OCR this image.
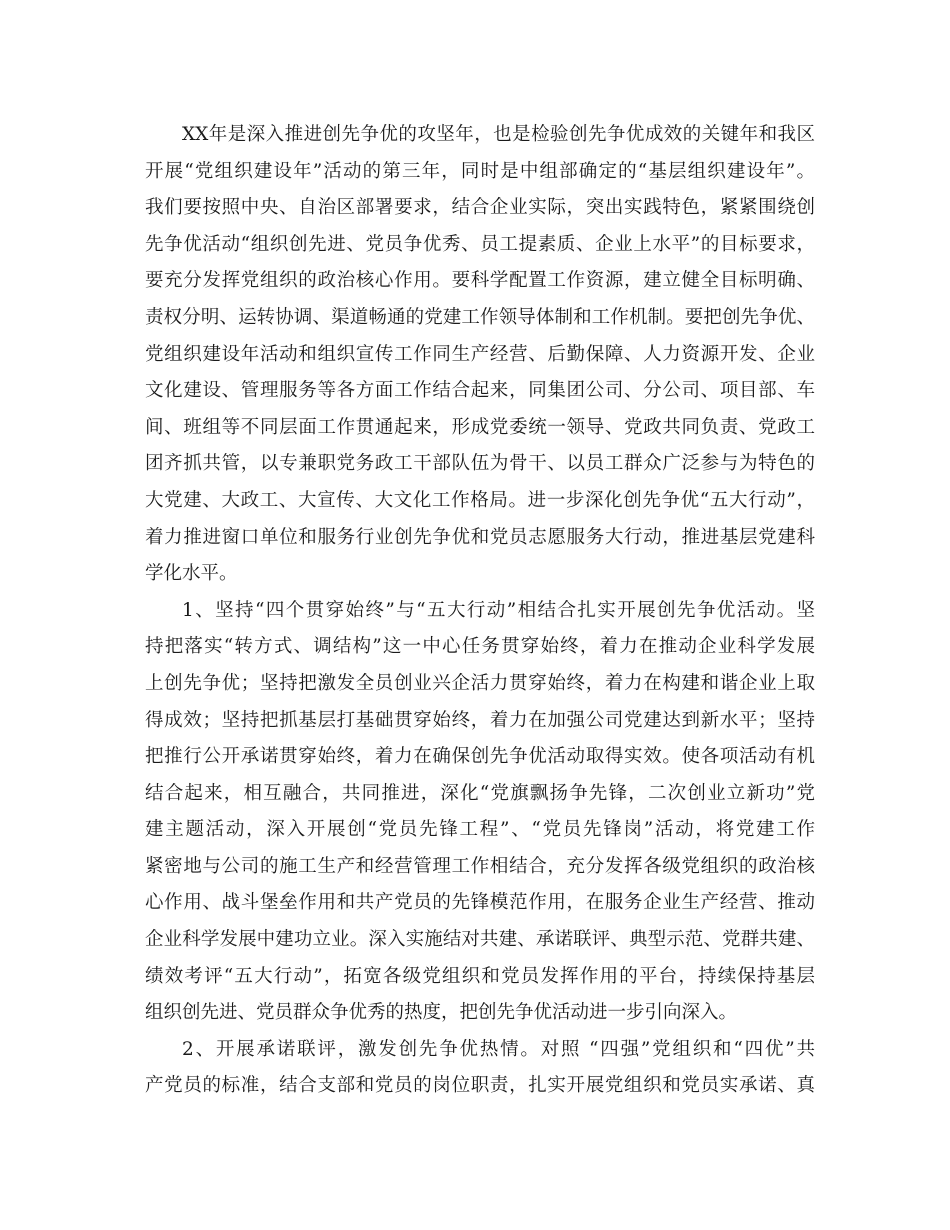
XX年是深入推进创先争优的攻坚年，也是检验创先争优成效的关键年和我区
开展“党组织建设年”活动的第三年，同时是中组部确定的“基层组织建设年”。
我们要按照中央、自治区部署要求，结合企业实际，突出实践特色，紧紧围绕创
先争优活动“组织创先进、党员争优秀、员工提素质、企业上水平”的目标要求，
要充分发挥党组织的政治核心作用。要科学配置工作资源，建立健全目标明确、
责权分明、运转协调、渠道畅通的党建工作领导体制和工作机制。要把创先争优、
党组织建设年活动和组织宣传工作同生产经营、后勤保障、人力资源开发、企业
文化建设、管理服务等各方面工作结合起来，同集团公司、分公司、项目部、车
间、班组等不同层面工作贯通起来，形成党委统一领导、党政共同负责、党政工
团齐抓共管，以专兼职党务政工干部队伍为骨干、以员工群众广泛参与为特色的
大党建、大政工、大宣传、大文化工作格局。进一步深化创先争优“五大行动”，
着力推进窗口单位和服务行业创先争优和党员志愿服务大行动，推进基层党建科
学化水平。
1、坚持“四个贯穿始终”与“五大行动”相结合扎实开展创先争优活动。坚
持把落实“转方式、调结构”这一中心任务贯穿始终，着力在推动企业科学发展
上创先争优；坚持把激发全员创业兴企活力贯穿始终，着力在构建和谐企业上取
得成效；坚持把抓基层打基础贯穿始终，着力在加强公司党建达到新水平；坚持
把推行公开承诺贯穿始终，着力在确保创先争优活动取得实效。使各项活动有机
结合起来，相互融合，共同推进，深化“党旗飘扬争先锋，二次创业立新功”党
建主题活动，深入开展创“党员先锋工程”、“党员先锋岗”活动，将党建工作
紧密地与公司的施工生产和经营管理工作相结合，充分发挥各级党组织的政治核
心作用、战斗堡垒作用和共产党员的先锋模范作用，在服务企业生产经营、推动
企业科学发展中建功立业。深入实施结对共建、承诺联评、典型示范、党群共建、
绩效考评“五大行动”，拓宽各级党组织和党员发挥作用的平台，持续保持基层
组织创先进、党员群众争优秀的热度，把创先争优活动进一步引向深入。
2、开展承诺联评，激发创先争优热情。对照 “四强”党组织和“四优”共
产党员的标准，结合支部和党员的岗位职责，扎实开展党组织和党员实承诺、真
